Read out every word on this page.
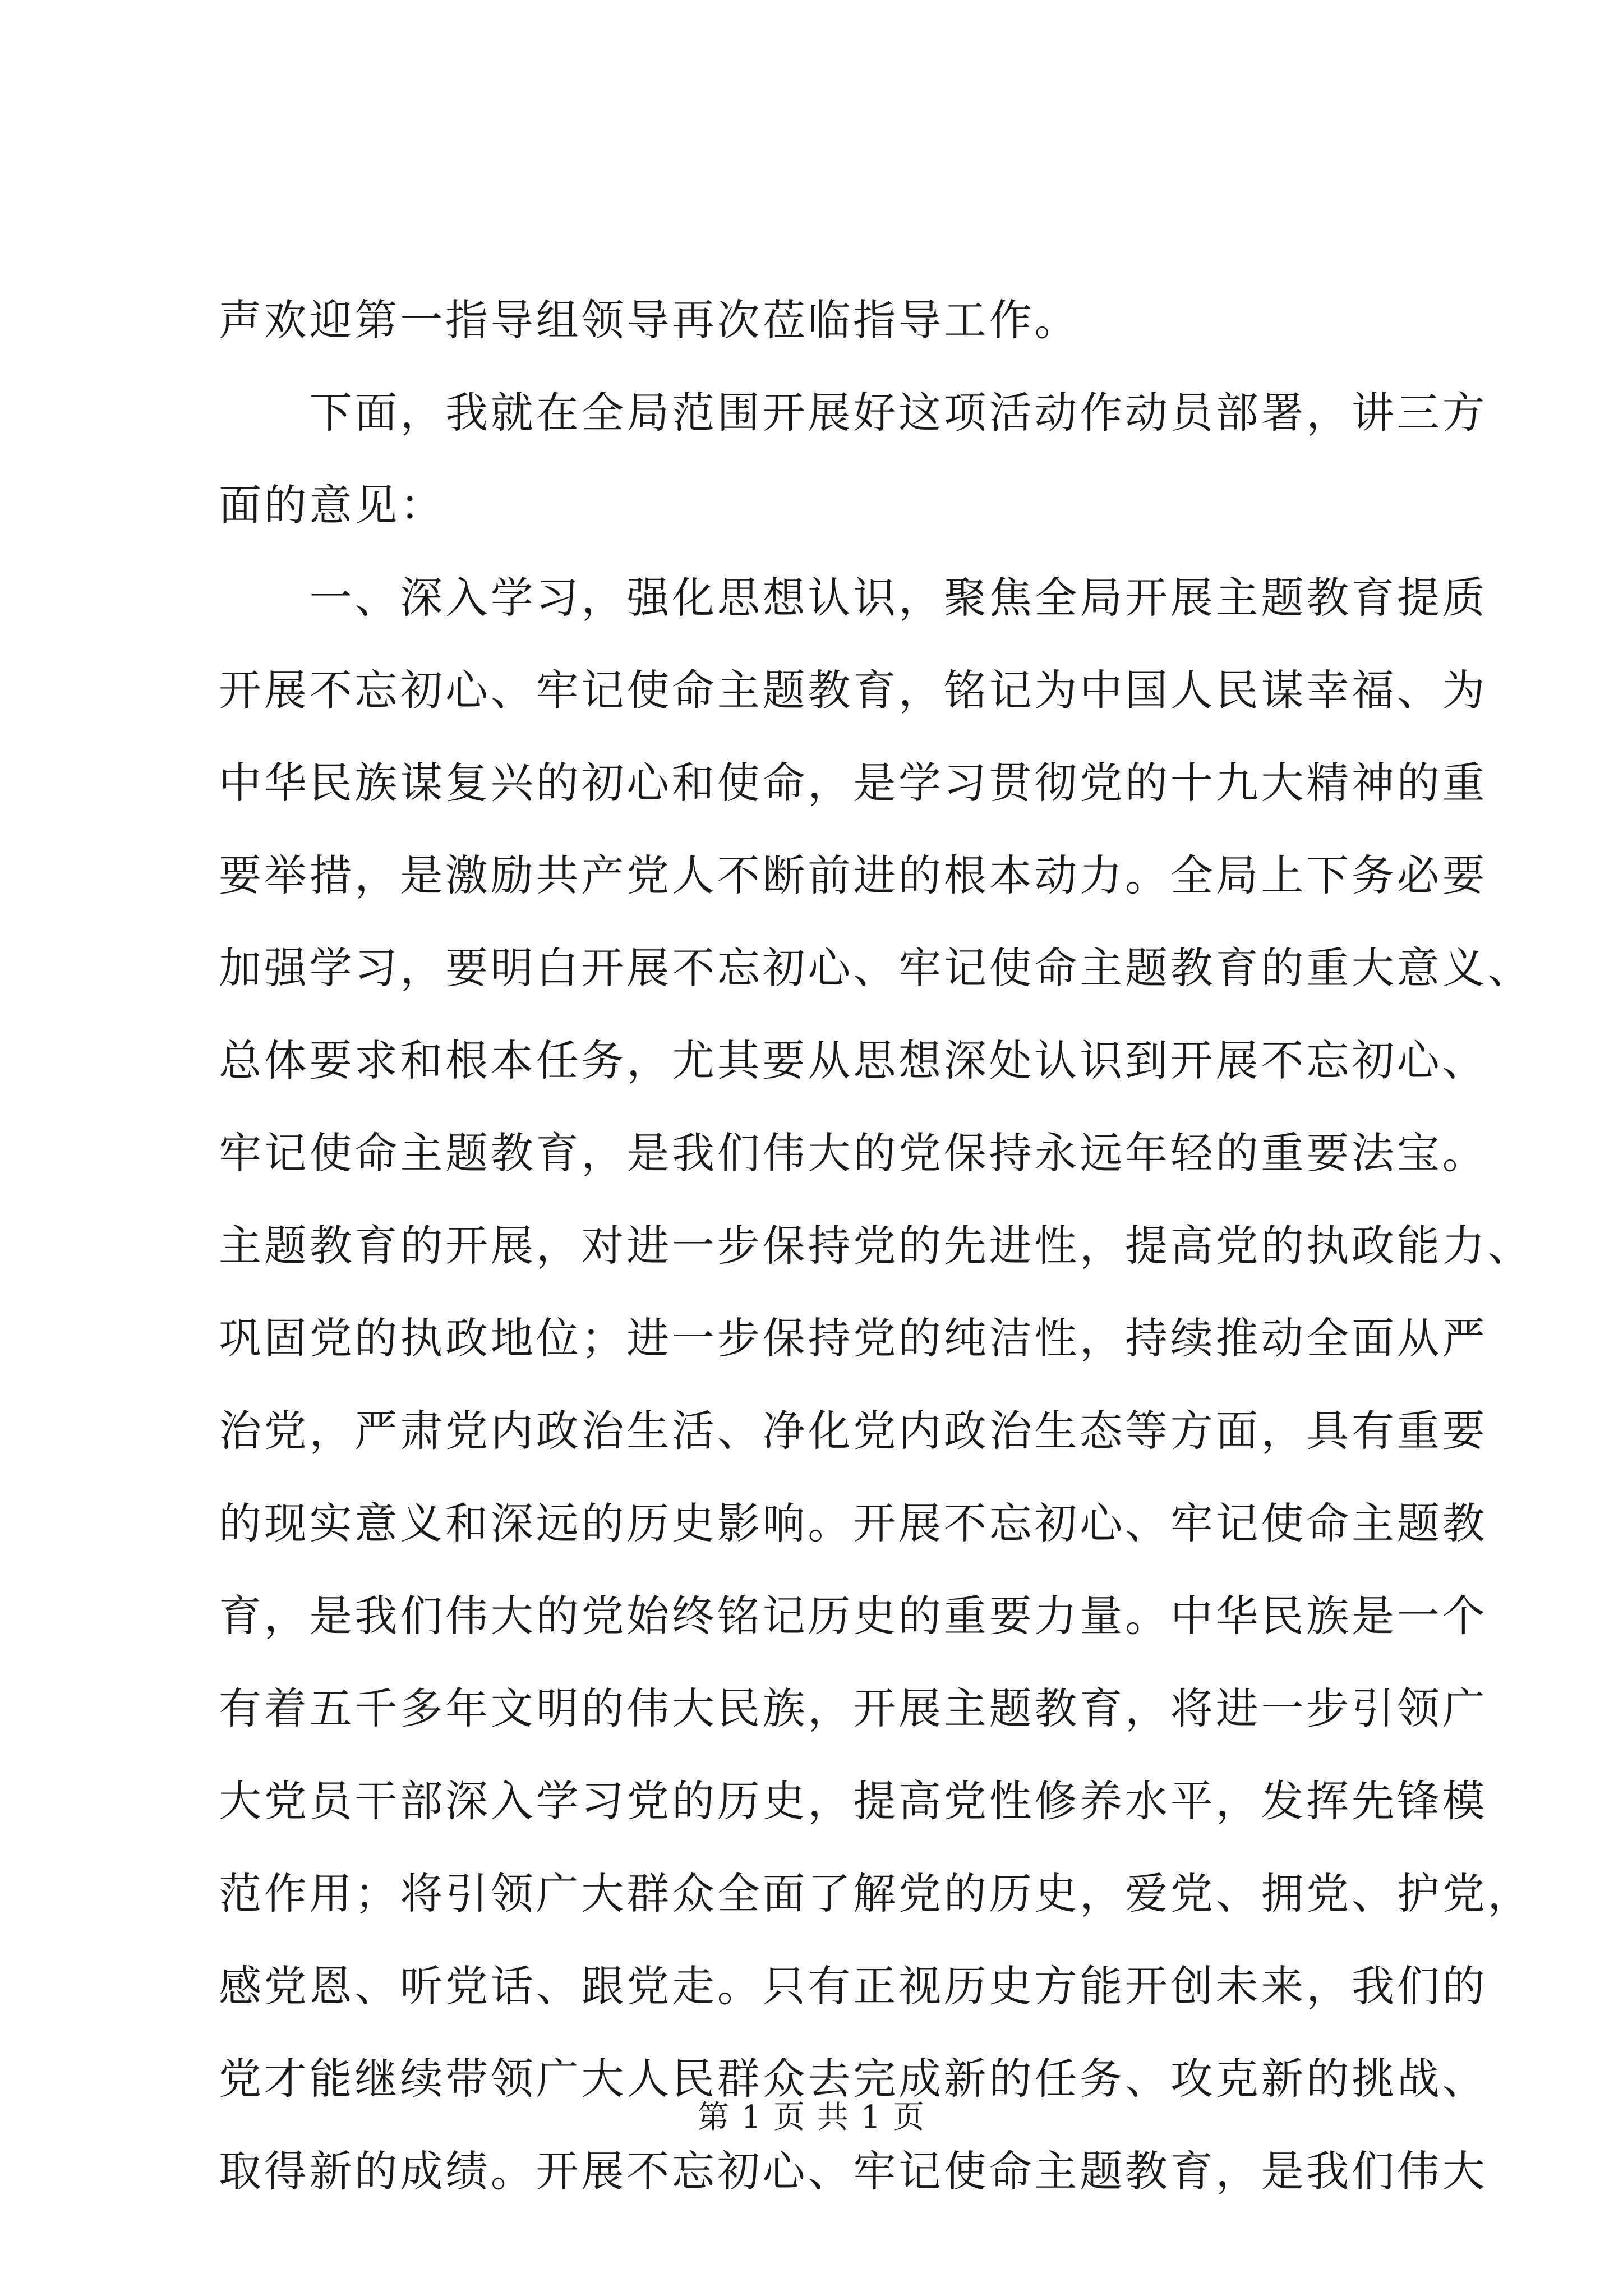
声欢迎第一指导组领导再次莅临指导工作。
　　下面，我就在全局范围开展好这项活动作动员部署，讲三方
面的意见：
　　一、深入学习，强化思想认识，聚焦全局开展主题教育提质
开展不忘初心、牢记使命主题教育，铭记为中国人民谋幸福、为
中华民族谋复兴的初心和使命，是学习贯彻党的十九大精神的重
要举措，是激励共产党人不断前进的根本动力。全局上下务必要
加强学习，要明白开展不忘初心、牢记使命主题教育的重大意义、
总体要求和根本任务，尤其要从思想深处认识到开展不忘初心、
牢记使命主题教育，是我们伟大的党保持永远年轻的重要法宝。
主题教育的开展，对进一步保持党的先进性，提高党的执政能力、
巩固党的执政地位；进一步保持党的纯洁性，持续推动全面从严
治党，严肃党内政治生活、净化党内政治生态等方面，具有重要
的现实意义和深远的历史影响。开展不忘初心、牢记使命主题教
育，是我们伟大的党始终铭记历史的重要力量。中华民族是一个
有着五千多年文明的伟大民族，开展主题教育，将进一步引领广
大党员干部深入学习党的历史，提高党性修养水平，发挥先锋模
范作用；将引领广大群众全面了解党的历史，爱党、拥党、护党，
感党恩、听党话、跟党走。只有正视历史方能开创未来，我们的
党才能继续带领广大人民群众去完成新的任务、攻克新的挑战、
取得新的成绩。开展不忘初心、牢记使命主题教育，是我们伟大
第 1 页 共 1 页
